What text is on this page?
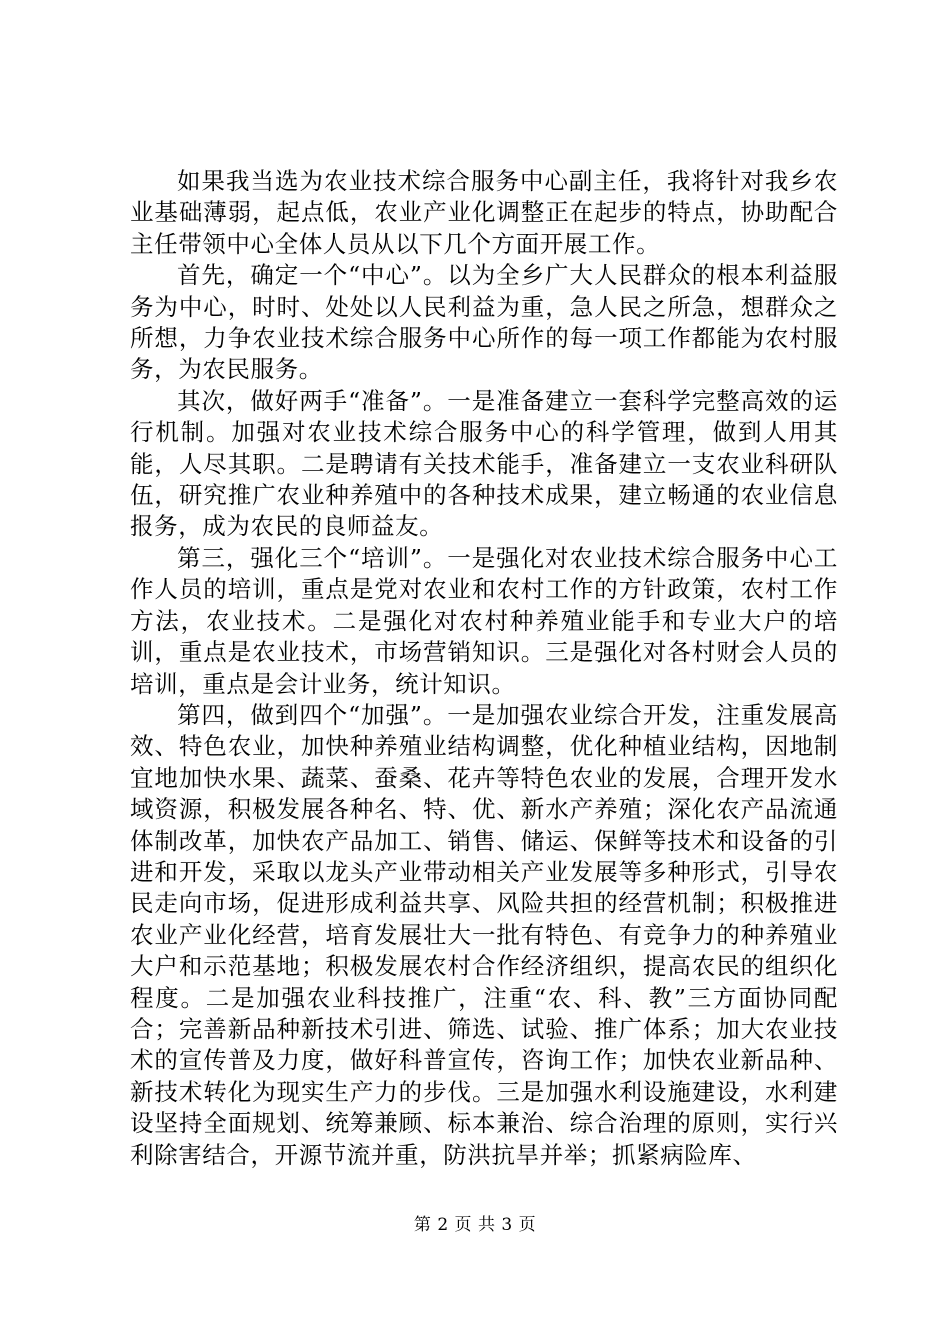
如果我当选为农业技术综合服务中心副主任，我将针对我乡农业基础薄弱，起点低，农业产业化调整正在起步的特点，协助配合主任带领中心全体人员从以下几个方面开展工作。

首先，确定一个“中心”。以为全乡广大人民群众的根本利益服务为中心，时时、处处以人民利益为重，急人民之所急，想群众之所想，力争农业技术综合服务中心所作的每一项工作都能为农村服务，为农民服务。

其次，做好两手“准备”。一是准备建立一套科学完整高效的运行机制。加强对农业技术综合服务中心的科学管理，做到人用其能，人尽其职。二是聘请有关技术能手，准备建立一支农业科研队伍，研究推广农业种养殖中的各种技术成果，建立畅通的农业信息报务，成为农民的良师益友。

第三，强化三个“培训”。一是强化对农业技术综合服务中心工作人员的培训，重点是党对农业和农村工作的方针政策，农村工作方法，农业技术。二是强化对农村种养殖业能手和专业大户的培训，重点是农业技术，市场营销知识。三是强化对各村财会人员的培训，重点是会计业务，统计知识。

第四，做到四个“加强”。一是加强农业综合开发，注重发展高效、特色农业，加快种养殖业结构调整，优化种植业结构，因地制宜地加快水果、蔬菜、蚕桑、花卉等特色农业的发展，合理开发水域资源，积极发展各种名、特、优、新水产养殖；深化农产品流通体制改革，加快农产品加工、销售、储运、保鲜等技术和设备的引进和开发，采取以龙头产业带动相关产业发展等多种形式，引导农民走向市场，促进形成利益共享、风险共担的经营机制；积极推进农业产业化经营，培育发展壮大一批有特色、有竞争力的种养殖业大户和示范基地；积极发展农村合作经济组织，提高农民的组织化程度。二是加强农业科技推广，注重“农、科、教”三方面协同配合；完善新品种新技术引进、筛选、试验、推广体系；加大农业技术的宣传普及力度，做好科普宣传，咨询工作；加快农业新品种、新技术转化为现实生产力的步伐。三是加强水利设施建设，水利建设坚持全面规划、统筹兼顾、标本兼治、综合治理的原则，实行兴利除害结合，开源节流并重，防洪抗旱并举；抓紧病险库、

第 2 页 共 3 页
